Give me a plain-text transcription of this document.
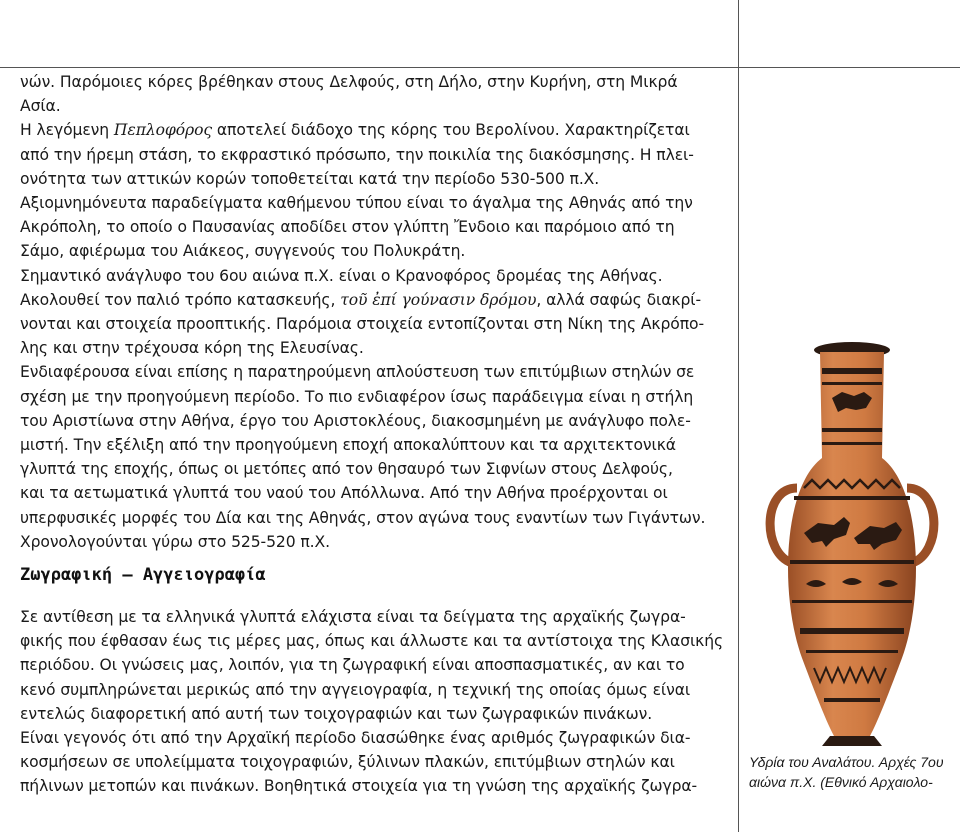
νών. Παρόμοιες κόρες βρέθηκαν στους Δελφούς, στη Δήλο, στην Κυρήνη, στη Μικρά
Ασία.

Η λεγόμενη Πεπλοφόρος αποτελεί διάδοχο της κόρης του Βερολίνου. Χαρακτηρίζεται
από την ήρεμη στάση, το εκφραστικό πρόσωπο, την ποικιλία της διακόσμησης. Η πλει-
ονότητα των αττικών κορών τοποθετείται κατά την περίοδο 530-500 π.Χ.

Αξιομνημόνευτα παραδείγματα καθήμενου τύπου είναι το άγαλμα της Αθηνάς από την
Ακρόπολη, το οποίο ο Παυσανίας αποδίδει στον γλύπτη Ἔνδοιο και παρόμοιο από τη
Σάμο, αφιέρωμα του Αιάκεος, συγγενούς του Πολυκράτη.

Σημαντικό ανάγλυφο του 6ου αιώνα π.Χ. είναι ο Κρανοφόρος δρομέας της Αθήνας.

Ακολουθεί τον παλιό τρόπο κατασκευής, τοῦ ἐπί γούνασιν δρόμου, αλλά σαφώς διακρί-
νονται και στοιχεία προοπτικής. Παρόμοια στοιχεία εντοπίζονται στη Νίκη της Ακρόπο-
λης και στην τρέχουσα κόρη της Ελευσίνας.

Ενδιαφέρουσα είναι επίσης η παρατηρούμενη απλούστευση των επιτύμβιων στηλών σε
σχέση με την προηγούμενη περίοδο. Το πιο ενδιαφέρον ίσως παράδειγμα είναι η στήλη
του Αριστίωνα στην Αθήνα, έργο του Αριστοκλέους, διακοσμημένη με ανάγλυφο πολε-
μιστή. Την εξέλιξη από την προηγούμενη εποχή αποκαλύπτουν και τα αρχιτεκτονικά
γλυπτά της εποχής, όπως οι μετόπες από τον θησαυρό των Σιφνίων στους Δελφούς,
και τα αετωματικά γλυπτά του ναού του Απόλλωνα. Από την Αθήνα προέρχονται οι
υπερφυσικές μορφές του Δία και της Αθηνάς, στον αγώνα τους εναντίων των Γιγάντων.
Χρονολογούνται γύρω στο 525-520 π.Χ.

Ζωγραφική — Αγγειογραφία

Σε αντίθεση με τα ελληνικά γλυπτά ελάχιστα είναι τα δείγματα της αρχαϊκής ζωγρα-
φικής που έφθασαν έως τις μέρες μας, όπως και άλλωστε και τα αντίστοιχα της Κλασικής
περιόδου. Οι γνώσεις μας, λοιπόν, για τη ζωγραφική είναι αποσπασματικές, αν και το
κενό συμπληρώνεται μερικώς από την αγγειογραφία, η τεχνική της οποίας όμως είναι
εντελώς διαφορετική από αυτή των τοιχογραφιών και των ζωγραφικών πινάκων.

Είναι γεγονός ότι από την Αρχαϊκή περίοδο διασώθηκε ένας αριθμός ζωγραφικών δια-
κοσμήσεων σε υπολείμματα τοιχογραφιών, ξύλινων πλακών, επιτύμβιων στηλών και
πήλινων μετοπών και πινάκων. Βοηθητικά στοιχεία για τη γνώση της αρχαϊκής ζωγρα-

Υδρία του Αναλάτου. Αρχές 7ου
αιώνα π.Χ. (Εθνικό Αρχαιολο-
